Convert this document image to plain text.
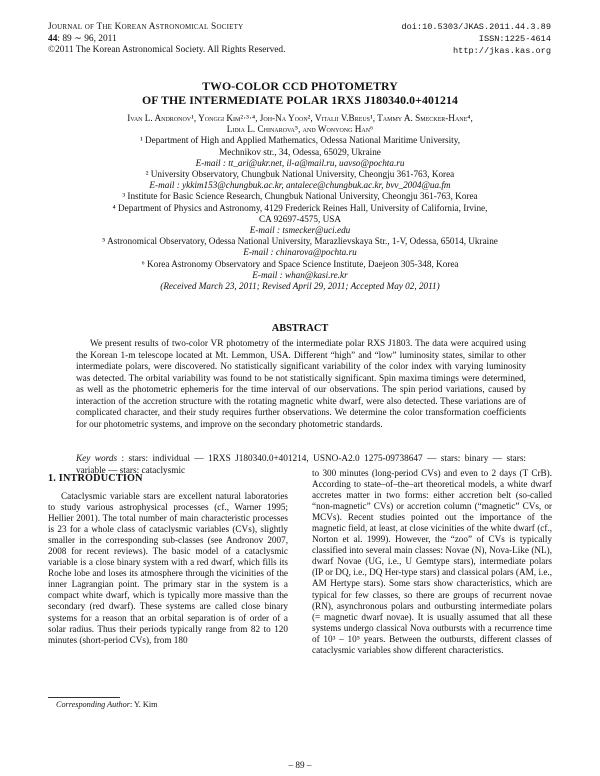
Journal of The Korean Astronomical Society
44: 89 ∼ 96, 2011
©2011 The Korean Astronomical Society. All Rights Reserved.
doi:10.5303/JKAS.2011.44.3.89
ISSN:1225-4614
http://jkas.kas.org
TWO-COLOR CCD PHOTOMETRY
OF THE INTERMEDIATE POLAR 1RXS J180340.0+401214
Ivan L. Andronov¹, Yonggi Kim²·³·⁴, Joh-Na Yoon², Vitalii V.Breus¹, Tammy A. Smecker-Hane⁴,
Lidia L. Chinarova⁵, and Wonyong Han⁶
¹ Department of High and Applied Mathematics, Odessa National Maritime University,
Mechnikov str., 34, Odessa, 65029, Ukraine
E-mail : tt_ari@ukr.net, il-a@mail.ru, uavso@pochta.ru
² University Observatory, Chungbuk National University, Cheongju 361-763, Korea
E-mail : ykkim153@chungbuk.ac.kr, antalece@chungbuk.ac.kr, bvv_2004@ua.fm
³ Institute for Basic Science Research, Chungbuk National University, Cheongju 361-763, Korea
⁴ Department of Physics and Astronomy, 4129 Frederick Reines Hall, University of California, Irvine,
CA 92697-4575, USA
E-mail : tsmecker@uci.edu
⁵ Astronomical Observatory, Odessa National University, Marazlievskaya Str., 1-V, Odessa, 65014, Ukraine
E-mail : chinarova@pochta.ru
⁶ Korea Astronomy Observatory and Space Science Institute, Daejeon 305-348, Korea
E-mail : whan@kasi.re.kr
(Received March 23, 2011; Revised April 29, 2011; Accepted May 02, 2011)
ABSTRACT
We present results of two-color VR photometry of the intermediate polar RXS J1803. The data were acquired using the Korean 1-m telescope located at Mt. Lemmon, USA. Different “high” and “low” luminosity states, similar to other intermediate polars, were discovered. No statistically significant variability of the color index with varying luminosity was detected. The orbital variability was found to be not statistically significant. Spin maxima timings were determined, as well as the photometric ephemeris for the time interval of our observations. The spin period variations, caused by interaction of the accretion structure with the rotating magnetic white dwarf, were also detected. These variations are of complicated character, and their study requires further observations. We determine the color transformation coefficients for our photometric systems, and improve on the secondary photometric standards.
Key words : stars: individual — 1RXS J180340.0+401214, USNO-A2.0 1275-09738647 — stars: binary — stars: variable — stars: cataclysmic
1. INTRODUCTION
Cataclysmic variable stars are excellent natural laboratories to study various astrophysical processes (cf., Warner 1995; Hellier 2001). The total number of main characteristic processes is 23 for a whole class of cataclysmic variables (CVs), slightly smaller in the corresponding sub-classes (see Andronov 2007, 2008 for recent reviews). The basic model of a cataclysmic variable is a close binary system with a red dwarf, which fills its Roche lobe and loses its atmosphere through the vicinities of the inner Lagrangian point. The primary star in the system is a compact white dwarf, which is typically more massive than the secondary (red dwarf). These systems are called close binary systems for a reason that an orbital separation is of order of a solar radius. Thus their periods typically range from 82 to 120 minutes (short-period CVs), from 180
to 300 minutes (long-period CVs) and even to 2 days (T CrB). According to state–of–the–art theoretical models, a white dwarf accretes matter in two forms: either accretion belt (so-called “non-magnetic” CVs) or accretion column (“magnetic” CVs, or MCVs). Recent studies pointed out the importance of the magnetic field, at least, at close vicinities of the white dwarf (cf., Norton et al. 1999). However, the “zoo” of CVs is typically classified into several main classes: Novae (N), Nova-Like (NL), dwarf Novae (UG, i.e., U Gemtype stars), intermediate polars (IP or DQ, i.e., DQ Her-type stars) and classical polars (AM, i.e., AM Hertype stars). Some stars show characteristics, which are typical for few classes, so there are groups of recurrent novae (RN), asynchronous polars and outbursting intermediate polars (= magnetic dwarf novae). It is usually assumed that all these systems undergo classical Nova outbursts with a recurrence time of 10³ – 10⁵ years. Between the outbursts, different classes of cataclysmic variables show different characteristics.
Corresponding Author: Y. Kim
– 89 –
